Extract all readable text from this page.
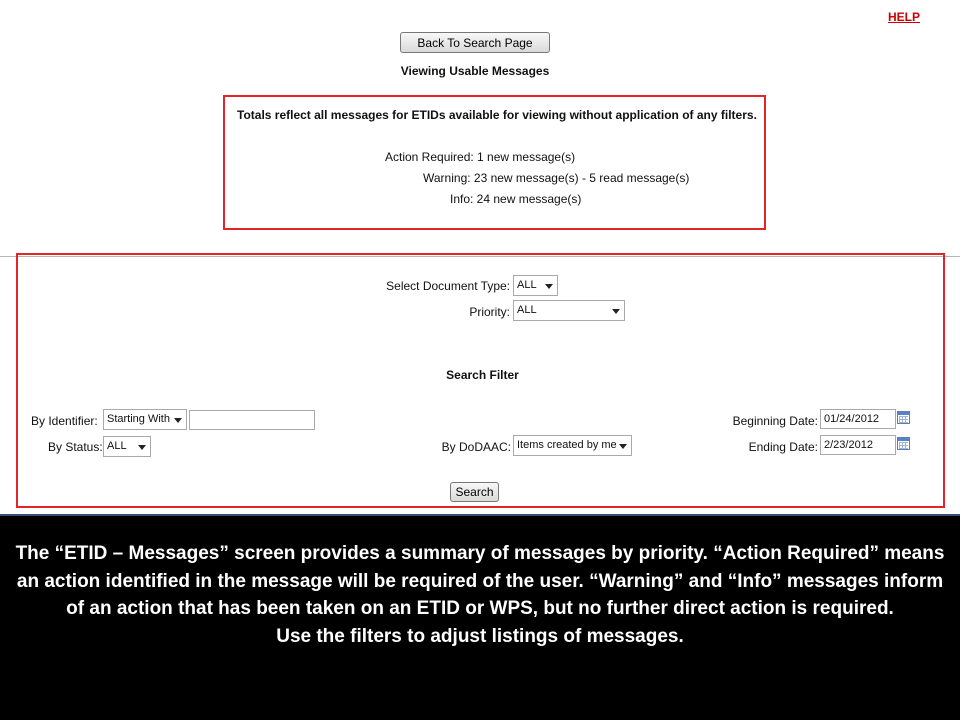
HELP
Back To Search Page
Viewing Usable Messages
Totals reflect all messages for ETIDs available for viewing without application of any filters.
Action Required: 1 new message(s)
Warning: 23 new message(s) - 5 read message(s)
Info: 24 new message(s)
Select Document Type: ALL
Priority: ALL
Search Filter
By Identifier: Starting With
By Status: ALL	By DoDAAC: Items created by me
Beginning Date: 01/24/2012
Ending Date: 2/23/2012
Search
The “ETID – Messages” screen provides a summary of messages by priority. “Action Required” means an action identified in the message will be required of the user. “Warning” and “Info” messages inform of an action that has been taken on an ETID or WPS, but no further direct action is required.
Use the filters to adjust listings of messages.
